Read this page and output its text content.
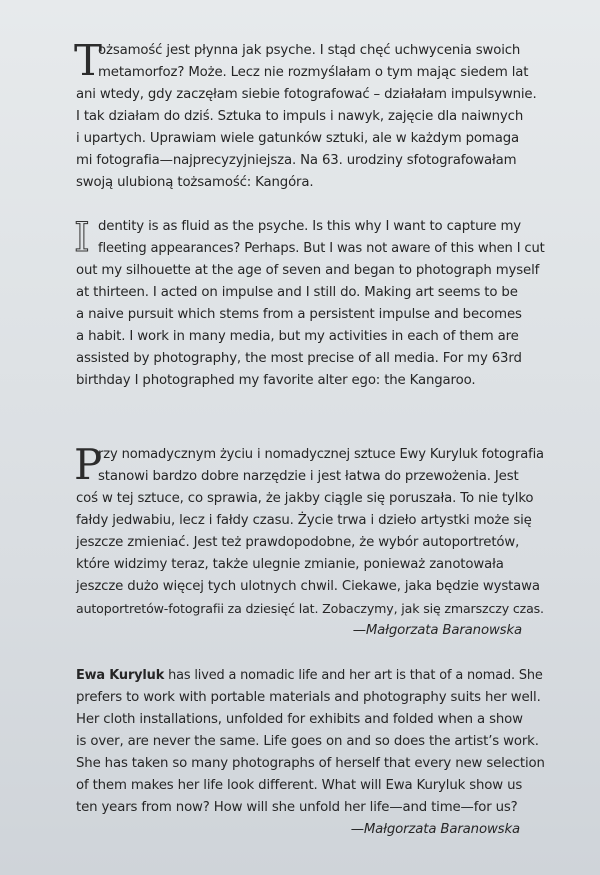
T

ożsamość jest płynna jak psyche. I stąd chęć uchwycenia swoich
metamorfoz? Może. Lecz nie rozmyślałam o tym mając siedem lat
ani wtedy, gdy zaczęłam siebie fotografować – działałam impulsywnie.
I tak działam do dziś. Sztuka to impuls i nawyk, zajęcie dla naiwnych
i upartych. Uprawiam wiele gatunków sztuki, ale w każdym pomaga
mi fotografia—najprecyzyjniejsza. Na 63. urodziny sfotografowałam
swoją ulubioną tożsamość: Kangóra.

I dentity is as fluid as the psyche. Is this why I want to capture my
fleeting appearances? Perhaps. But I was not aware of this when I cut
out my silhouette at the age of seven and began to photograph myself
at thirteen. I acted on impulse and I still do. Making art seems to be
a naive pursuit which stems from a persistent impulse and becomes
a habit. I work in many media, but my activities in each of them are
assisted by photography, the most precise of all media. For my 63rd
birthday I photographed my favorite alter ego: the Kangaroo.

P

rzy nomadycznym życiu i nomadycznej sztuce Ewy Kuryluk fotografia
stanowi bardzo dobre narzędzie i jest łatwa do przewożenia. Jest
coś w tej sztuce, co sprawia, że jakby ciągle się poruszała. To nie tylko
fałdy jedwabiu, lecz i fałdy czasu. Życie trwa i dzieło artystki może się
jeszcze zmieniać. Jest też prawdopodobne, że wybór autoportretów,
które widzimy teraz, także ulegnie zmianie, ponieważ zanotowała
jeszcze dużo więcej tych ulotnych chwil. Ciekawe, jaka będzie wystawa
autoportretów-fotografii za dziesięć lat. Zobaczymy, jak się zmarszczy czas.

—Małgorzata Baranowska

Ewa Kuryluk has lived a nomadic life and her art is that of a nomad. She
prefers to work with portable materials and photography suits her well.
Her cloth installations, unfolded for exhibits and folded when a show
is over, are never the same. Life goes on and so does the artist’s work.
She has taken so many photographs of herself that every new selection
of them makes her life look different. What will Ewa Kuryluk show us
ten years from now? How will she unfold her life—and time—for us?

—Małgorzata Baranowska
